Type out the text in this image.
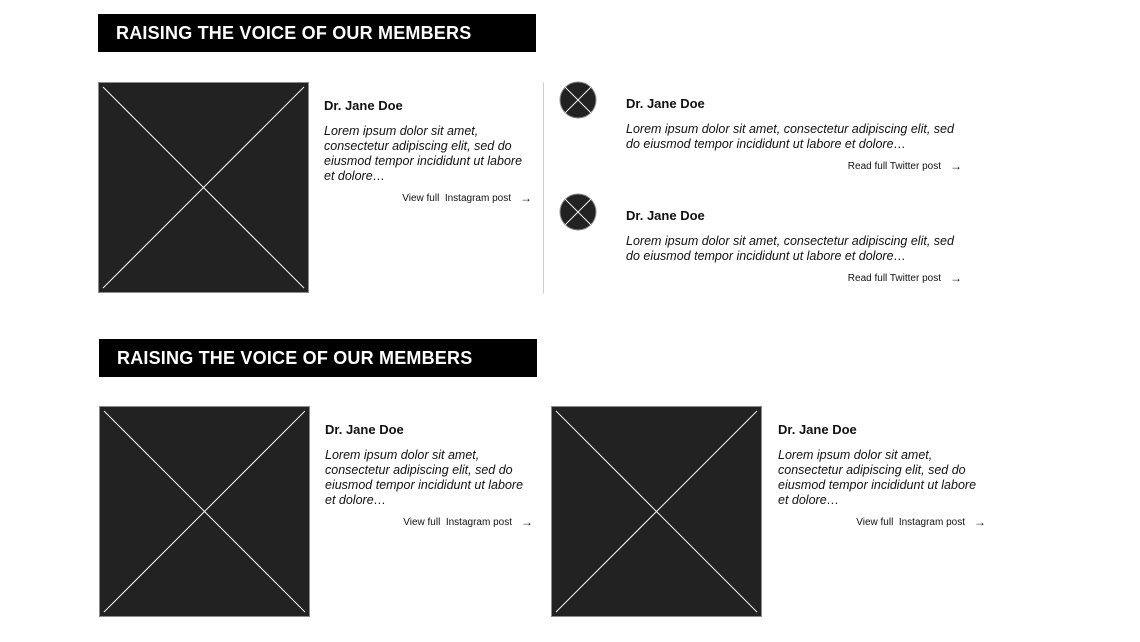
RAISING THE VOICE OF OUR MEMBERS
Dr. Jane Doe
Lorem ipsum dolor sit amet, consectetur adipiscing elit, sed do eiusmod tempor incididunt ut labore et dolore…
View full  Instagram post →
Dr. Jane Doe
Lorem ipsum dolor sit amet, consectetur adipiscing elit, sed do eiusmod tempor incididunt ut labore et dolore…
Read full Twitter post →
Dr. Jane Doe
Lorem ipsum dolor sit amet, consectetur adipiscing elit, sed do eiusmod tempor incididunt ut labore et dolore…
Read full Twitter post →
RAISING THE VOICE OF OUR MEMBERS
Dr. Jane Doe
Lorem ipsum dolor sit amet, consectetur adipiscing elit, sed do eiusmod tempor incididunt ut labore et dolore…
View full  Instagram post →
Dr. Jane Doe
Lorem ipsum dolor sit amet, consectetur adipiscing elit, sed do eiusmod tempor incididunt ut labore et dolore…
View full  Instagram post →
